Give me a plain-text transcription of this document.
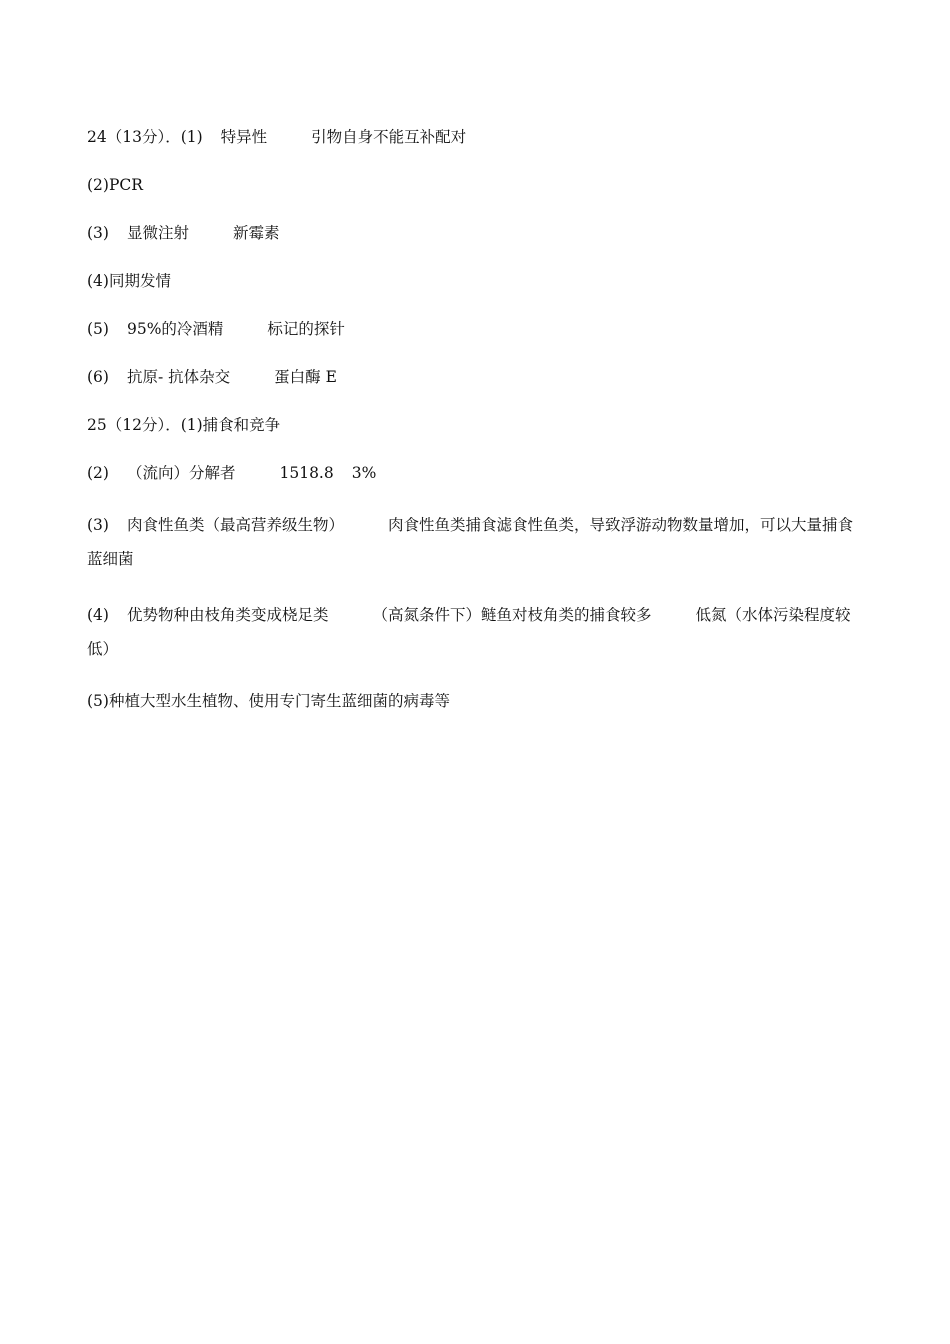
24（13分）．(1) 特异性	引物自身不能互补配对
(2)PCR
(3) 显微注射	新霉素
(4)同期发情
(5) 95%的冷酒精	标记的探针
(6) 抗原- 抗体杂交	蛋白酶 E
25（12分）．(1)捕食和竞争
(2) （流向）分解者	1518.8 3%
(3) 肉食性鱼类（最高营养级生物）	肉食性鱼类捕食滤食性鱼类，导致浮游动物数量增加，可以大量捕食蓝细菌
(4) 优势物种由枝角类变成桡足类	（高氮条件下）鲢鱼对枝角类的捕食较多	低氮（水体污染程度较低）
(5)种植大型水生植物、使用专门寄生蓝细菌的病毒等
